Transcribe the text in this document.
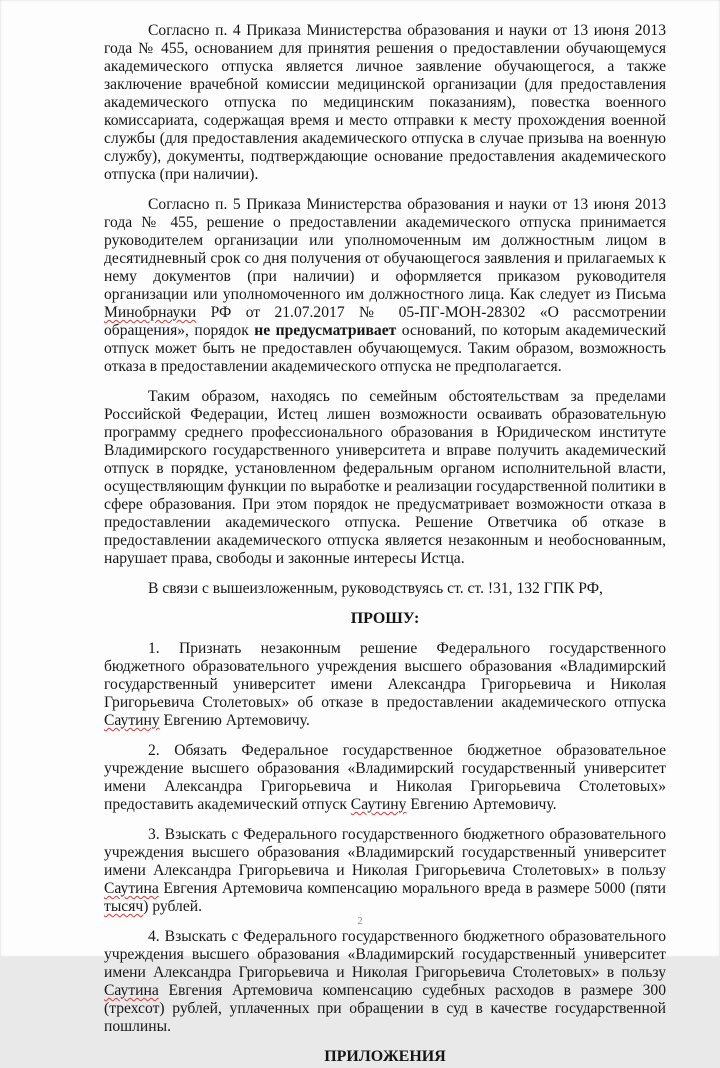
Согласно п. 4 Приказа Министерства образования и науки от 13 июня 2013 года № 455, основанием для принятия решения о предоставлении обучающемуся академического отпуска является личное заявление обучающегося, а также заключение врачебной комиссии медицинской организации (для предоставления академического отпуска по медицинским показаниям), повестка военного комиссариата, содержащая время и место отправки к месту прохождения военной службы (для предоставления академического отпуска в случае призыва на военную службу), документы, подтверждающие основание предоставления академического отпуска (при наличии).

Согласно п. 5 Приказа Министерства образования и науки от 13 июня 2013 года № 455, решение о предоставлении академического отпуска принимается руководителем организации или уполномоченным им должностным лицом в десятидневный срок со дня получения от обучающегося заявления и прилагаемых к нему документов (при наличии) и оформляется приказом руководителя организации или уполномоченного им должностного лица. Как следует из Письма Минобрнауки РФ от 21.07.2017 № 05-ПГ-МОН-28302 «О рассмотрении обращения», порядок не предусматривает оснований, по которым академический отпуск может быть не предоставлен обучающемуся. Таким образом, возможность отказа в предоставлении академического отпуска не предполагается.

Таким образом, находясь по семейным обстоятельствам за пределами Российской Федерации, Истец лишен возможности осваивать образовательную программу среднего профессионального образования в Юридическом институте Владимирского государственного университета и вправе получить академический отпуск в порядке, установленном федеральным органом исполнительной власти, осуществляющим функции по выработке и реализации государственной политики в сфере образования. При этом порядок не предусматривает возможности отказа в предоставлении академического отпуска. Решение Ответчика об отказе в предоставлении академического отпуска является незаконным и необоснованным, нарушает права, свободы и законные интересы Истца.

В связи с вышеизложенным, руководствуясь ст. ст. !31, 132 ГПК РФ,

ПРОШУ:

1. Признать незаконным решение Федерального государственного бюджетного образовательного учреждения высшего образования «Владимирский государственный университет имени Александра Григорьевича и Николая Григорьевича Столетовых» об отказе в предоставлении академического отпуска Саутину Евгению Артемовичу.

2. Обязать Федеральное государственное бюджетное образовательное учреждение высшего образования «Владимирский государственный университет имени Александра Григорьевича и Николая Григорьевича Столетовых» предоставить академический отпуск Саутину Евгению Артемовичу.

3. Взыскать с Федерального государственного бюджетного образовательного учреждения высшего образования «Владимирский государственный университет имени Александра Григорьевича и Николая Григорьевича Столетовых» в пользу Саутина Евгения Артемовича компенсацию морального вреда в размере 5000 (пяти тысяч) рублей.

4. Взыскать с Федерального государственного бюджетного образовательного учреждения высшего образования «Владимирский государственный университет имени Александра Григорьевича и Николая Григорьевича Столетовых» в пользу Саутина Евгения Артемовича компенсацию судебных расходов в размере 300 (трехсот) рублей, уплаченных при обращении в суд в качестве государственной пошлины.

ПРИЛОЖЕНИЯ
2
